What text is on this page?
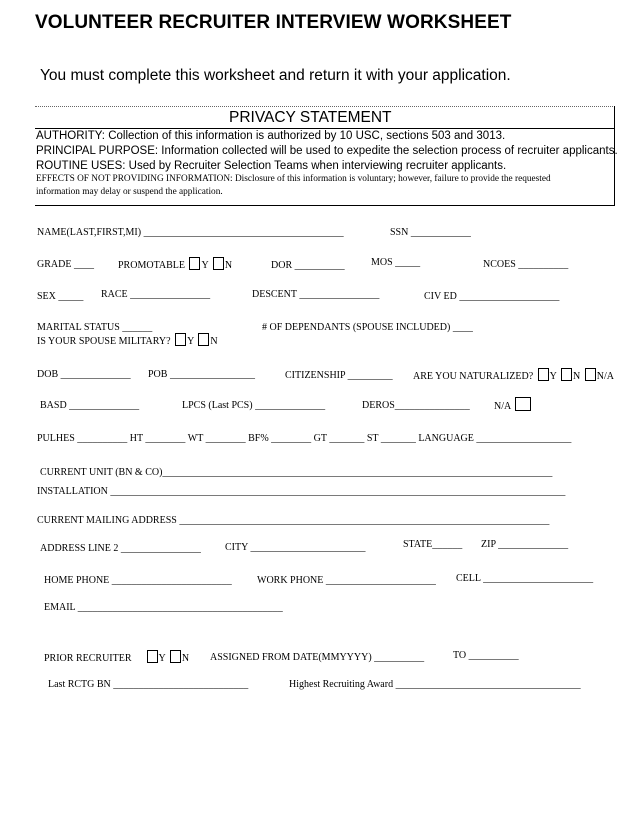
VOLUNTEER RECRUITER INTERVIEW WORKSHEET
You must complete this worksheet and return it with your application.
PRIVACY STATEMENT
AUTHORITY: Collection of this information is authorized by 10 USC, sections 503 and 3013.
PRINCIPAL PURPOSE: Information collected will be used to expedite the selection process of recruiter applicants.
ROUTINE USES: Used by Recruiter Selection Teams when interviewing recruiter applicants.
EFFECTS OF NOT PROVIDING INFORMATION: Disclosure of this information is voluntary; however, failure to provide the requested
information may delay or suspend the application.
NAME(LAST,FIRST,MI) ________________________________________	SSN ____________
GRADE ____ PROMOTABLE Y N	DOR __________	MOS _____	NCOES __________
SEX _____ RACE ________________	DESCENT ________________	CIV ED ____________________
MARITAL STATUS ______	# OF DEPENDANTS (SPOUSE INCLUDED) ____
IS YOUR SPOUSE MILITARY? Y N
DOB ______________ POB _________________	CITIZENSHIP _________ ARE YOU NATURALIZED? Y N N/A
BASD ______________	LPCS (Last PCS) ______________	DEROS_______________ N/A
PULHES __________ HT ________ WT ________ BF% ________ GT _______ ST _______ LANGUAGE ___________________
CURRENT UNIT (BN & CO)______________________________________________________________________________
INSTALLATION ___________________________________________________________________________________________
CURRENT MAILING ADDRESS __________________________________________________________________________
ADDRESS LINE 2 ________________ CITY _______________________	STATE______ ZIP ______________
HOME PHONE ________________________	WORK PHONE ______________________ CELL ______________________
EMAIL _________________________________________
PRIOR RECRUITER	Y N ASSIGNED FROM DATE(MMYYYY) __________	TO __________
Last RCTG BN ___________________________	Highest Recruiting Award _____________________________________
